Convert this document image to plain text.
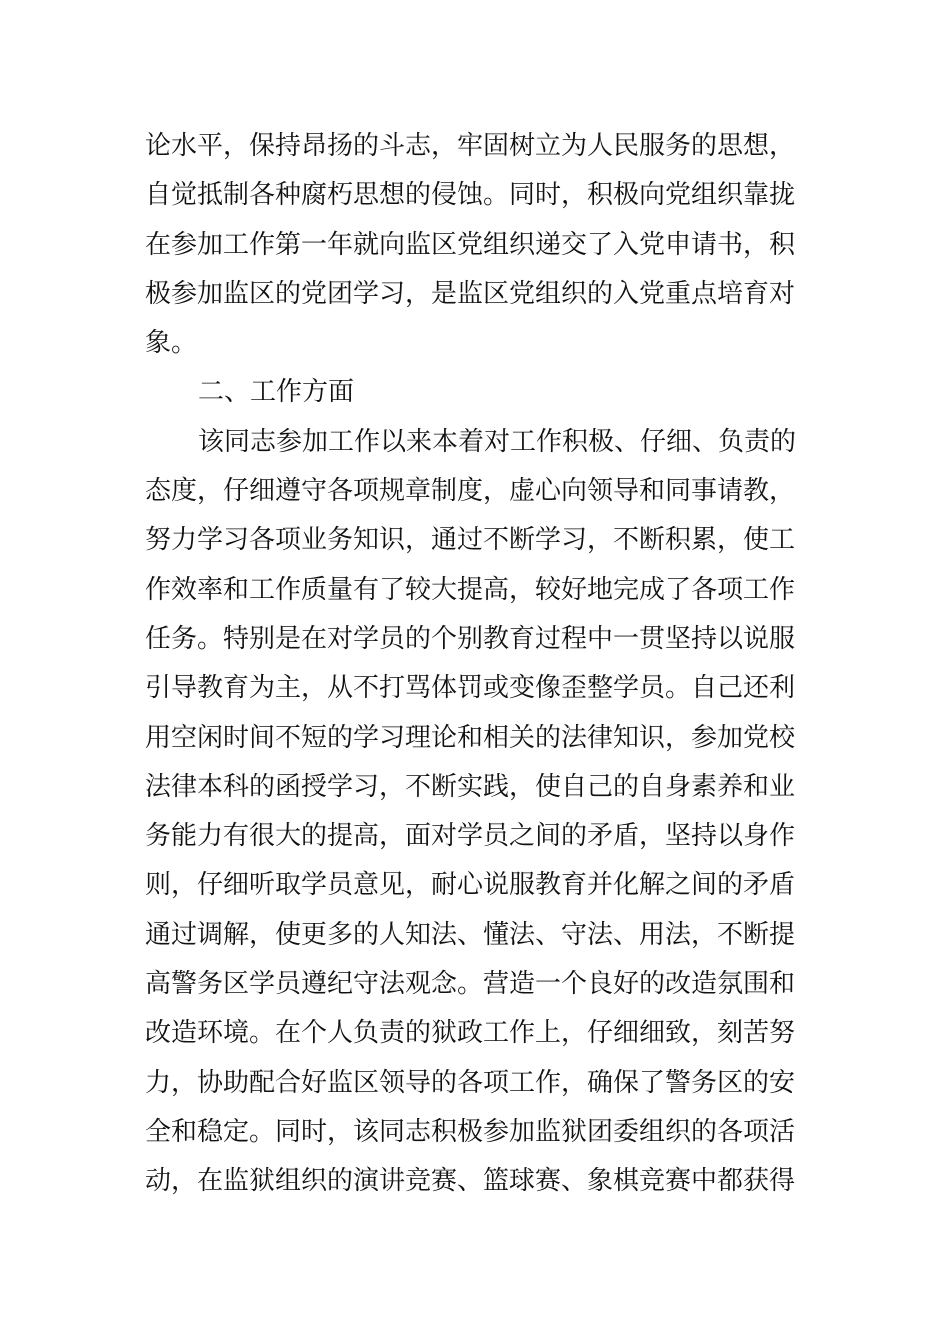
论水平，保持昂扬的斗志，牢固树立为人民服务的思想，
自觉抵制各种腐朽思想的侵蚀。同时，积极向党组织靠拢
在参加工作第一年就向监区党组织递交了入党申请书，积
极参加监区的党团学习，是监区党组织的入党重点培育对
象。
二、工作方面
该同志参加工作以来本着对工作积极、仔细、负责的
态度，仔细遵守各项规章制度，虚心向领导和同事请教，
努力学习各项业务知识，通过不断学习，不断积累，使工
作效率和工作质量有了较大提高，较好地完成了各项工作
任务。特别是在对学员的个别教育过程中一贯坚持以说服
引导教育为主，从不打骂体罚或变像歪整学员。自己还利
用空闲时间不短的学习理论和相关的法律知识，参加党校
法律本科的函授学习，不断实践，使自己的自身素养和业
务能力有很大的提高，面对学员之间的矛盾，坚持以身作
则，仔细听取学员意见，耐心说服教育并化解之间的矛盾
通过调解，使更多的人知法、懂法、守法、用法，不断提
高警务区学员遵纪守法观念。营造一个良好的改造氛围和
改造环境。在个人负责的狱政工作上，仔细细致，刻苦努
力，协助配合好监区领导的各项工作，确保了警务区的安
全和稳定。同时，该同志积极参加监狱团委组织的各项活
动，在监狱组织的演讲竞赛、篮球赛、象棋竞赛中都获得
